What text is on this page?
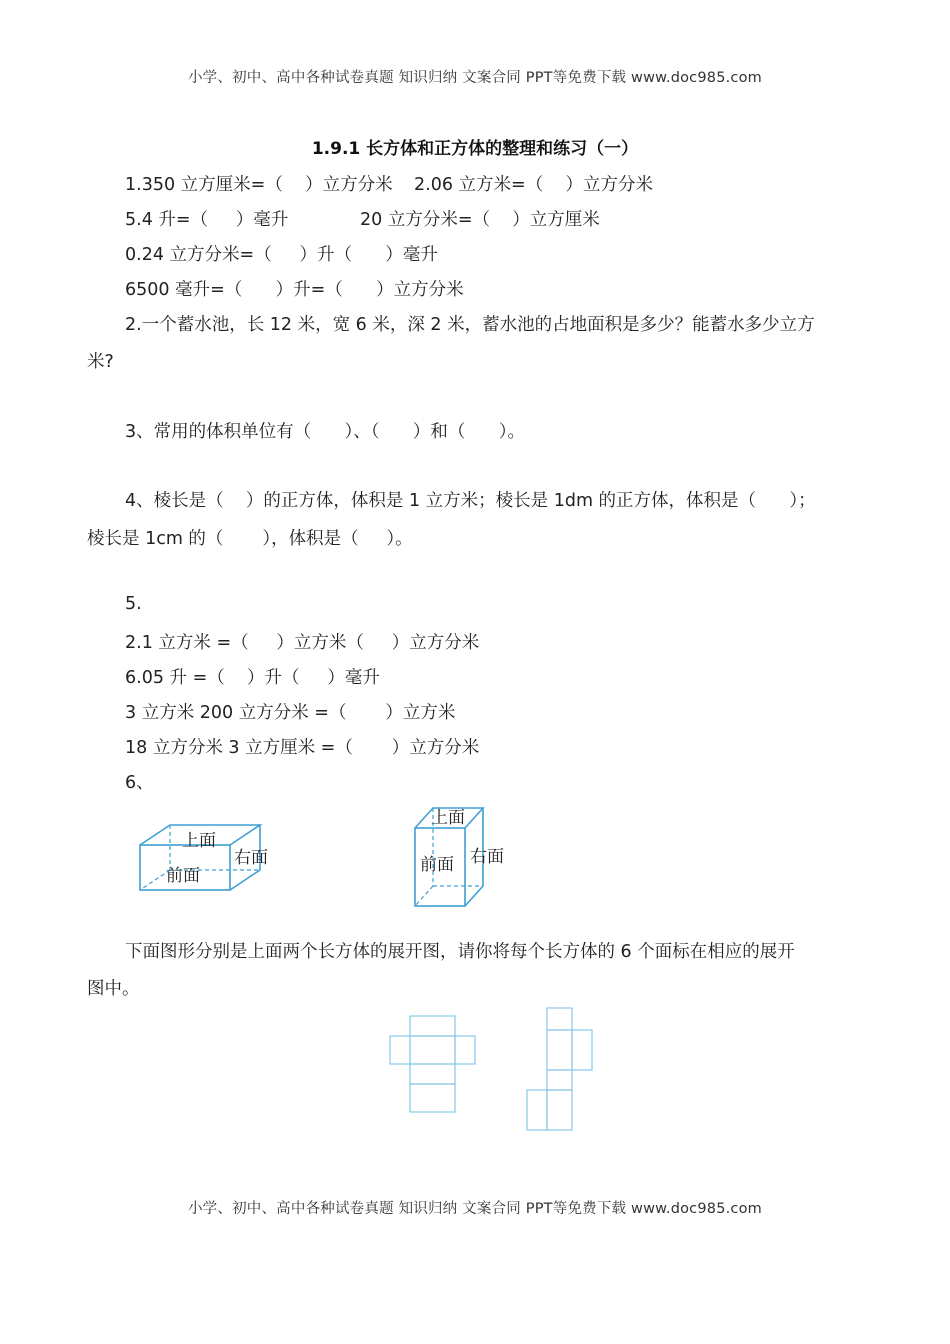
小学、初中、高中各种试卷真题 知识归纳 文案合同 PPT等免费下载 www.doc985.com
1.9.1 长方体和正方体的整理和练习（一）
1.350 立方厘米=（    ）立方分米 2.06 立方米=（    ）立方分米
5.4 升=（     ）毫升	20 立方分米=（    ）立方厘米
0.24 立方分米=（     ）升（      ）毫升
6500 毫升=（      ）升=（      ）立方分米
2.一个蓄水池，长 12 米，宽 6 米，深 2 米，蓄水池的占地面积是多少？能蓄水多少立方
米?
3、常用的体积单位有（      ）、（      ）和（      ）。
4、棱长是（    ）的正方体，体积是 1 立方米；棱长是 1dm 的正方体，体积是（      ）；
棱长是 1cm 的（       ），体积是（     ）。
5.
2.1 立方米 =（     ）立方米（     ）立方分米
6.05 升 =（    ）升（     ）毫升
3 立方米 200 立方分米 =（       ）立方米
18 立方分米 3 立方厘米 =（       ）立方分米
6、
上面
前面
右面
上面
前面 右面
下面图形分别是上面两个长方体的展开图，请你将每个长方体的 6 个面标在相应的展开
图中。
小学、初中、高中各种试卷真题 知识归纳 文案合同 PPT等免费下载 www.doc985.com
